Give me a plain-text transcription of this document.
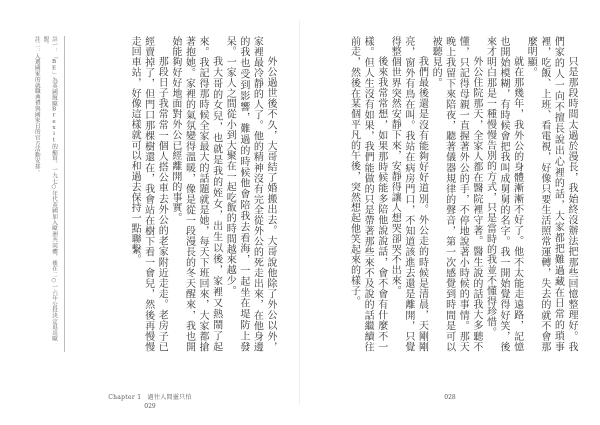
只是那段時間太過於漫長，我始終沒辦法把那些回憶整理好。我們家的人一向不擅長說出心裡的話，大家都把難過藏在日常的瑣事裡，吃飯、上班、看電視，好像只要生活照常運轉，失去的就不會那麼明顯。

就在那幾年，我外公的身體漸漸不好了。他不太能走遠路，記憶也開始模糊，有時候會把我叫成舅舅的名字。我一開始覺得好笑，後來才明白那是一種慢慢告別的方式，只是當時的我並不懂得珍惜。

外公住院那天，全家人都在醫院裡守著。醫生說的話我大多聽不懂，只記得母親一直握著外公的手，不停地說著小時候的事情。那天晚上我留下來陪夜，聽著儀器規律的聲音，第一次感覺到時間是可以被聽見的。

我們最後還是沒有能夠好好道別。外公走的時候是清晨，天剛剛亮，窗外有鳥在叫。我站在病房門口，不知道該進去還是離開，只覺得整個世界突然安靜下來，安靜得讓人想哭卻哭不出來。

後來我常常想，如果那時候能多陪他說說話，會不會有什麼不一樣。但人生沒有如果，我們能做的只是帶著那些來不及說的話繼續往前走，然後在某個平凡的午後，突然想起他笑起來的樣子。

028

註一：「BE」為英國脫歐Brexit的縮寫。一九七○年代英國加入歐洲共同體，後在二○一六年公投決定退出歐盟。

註二：入選國家的就職典禮與國家日的官方活動安排。	外公過世後不久，大哥結了婚搬出去。大哥說他除了外公以外，家裡最冷靜的人了。他的精神沒有完全從外公的死走出來，在他身邊的我也受到影響，難過的時候他會陪我去看海，一起坐在堤防上發呆。一家人之間從小到大聚在一起吃飯的時間越來越少。

我大哥的女兒，也就是我的姪女，出生以後，家裡又熱鬧了起來。我記得那時候全家最大的話題就是她，每天下班回來，大家都搶著抱她。家裡的氣氛變得溫暖，像是從一段漫長的冬天醒來，我也開始能夠好好地面對外公已經離開的事實。

那段日子我常常一個人搭公車去外公的老家附近走走。老房子已經賣掉了，但門口那棵樹還在，我會站在樹下看一會兒，然後再慢慢走回車站，好像這樣就可以和過去保持一點聯繫。

Chapter 1　過往人間靈只怕
029
